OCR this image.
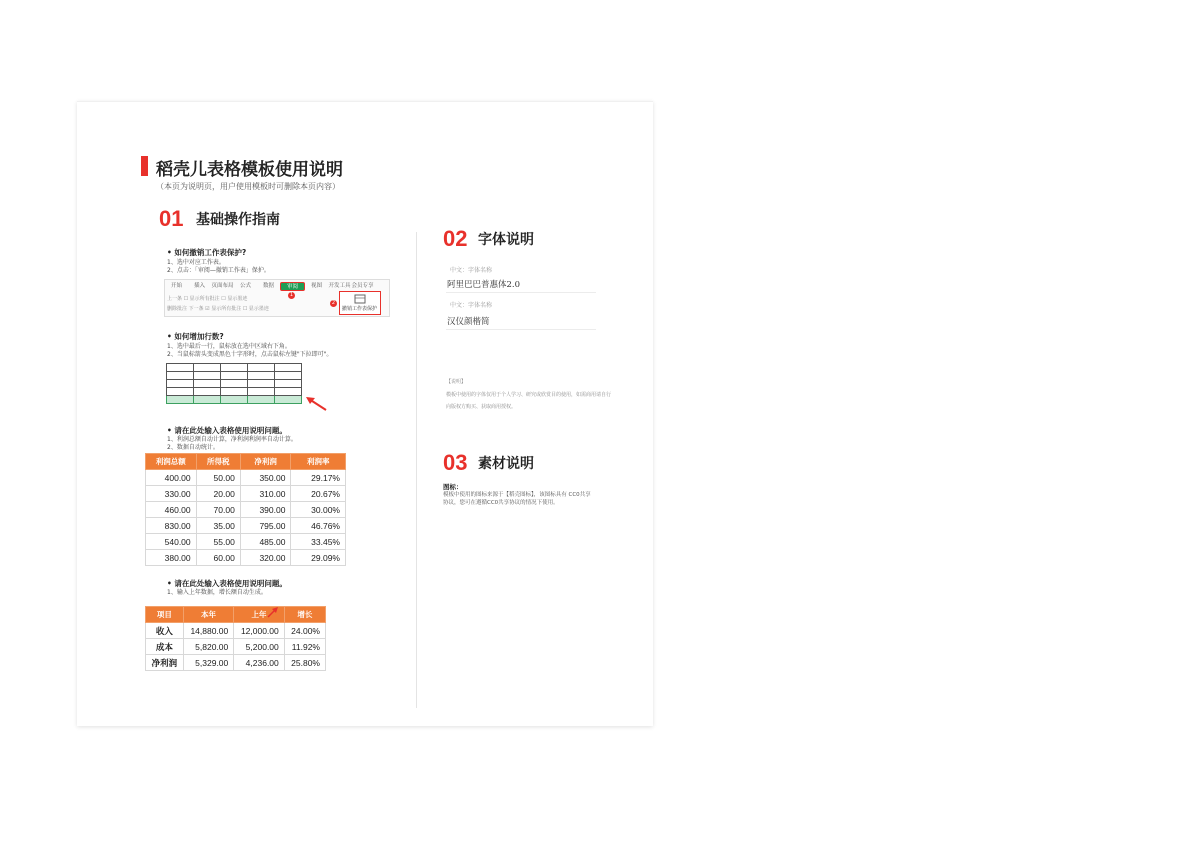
稻壳儿表格模板使用说明
（本页为说明页，用户使用模板时可删除本页内容）
01 基础操作指南
• 如何撤销工作表保护?
1、选中对应工作表。
2、点击：「审阅—撤销工作表」保护。
开始	插入	页面布局	公式	数据	审阅	视图	开发工具 会员专享
上一条 ☐ 显示所有批注 ☐ 显示墨迹
删除批注 下一条 ☑ 显示所有批注 ☐ 显示墨迹
1
2
撤销工作表保护
• 如何增加行数?
1、选中最后一行，鼠标放在选中区域右下角。
2、当鼠标箭头变成黑色十字形时，点击鼠标左键"下拉即可"。

• 请在此处输入表格使用说明问题。
1、利润总额自动计算，净利润利润率自动计算。
2、数据自动统计。
利润总额	所得税	净利润	利润率
400.00	50.00	350.00	29.17%
330.00	20.00	310.00	20.67%
460.00	70.00	390.00	30.00%
830.00	35.00	795.00	46.76%
540.00	55.00	485.00	33.45%
380.00	60.00	320.00	29.09%
• 请在此处输入表格使用说明问题。
1、输入上年数据，增长额自动生成。
项目	本年	上年	增长
收入	14,880.00	12,000.00	24.00%
成本	5,820.00	5,200.00	11.92%
净利润	5,329.00	4,236.00	25.80%
02 字体说明
中文：字体名称
阿里巴巴普惠体2.0
中文：字体名称
汉仪颜楷简
【说明】
模板中使用的字体仅用于个人学习、研究或欣赏目的使用，如需商用请自行
向版权方购买、获取商用授权。
03 素材说明
图标：
模板中使用的图标来源于【稻壳图标】，该图标具有 CC0共享
协议，您可在遵循CC0共享协议的情况下使用。
